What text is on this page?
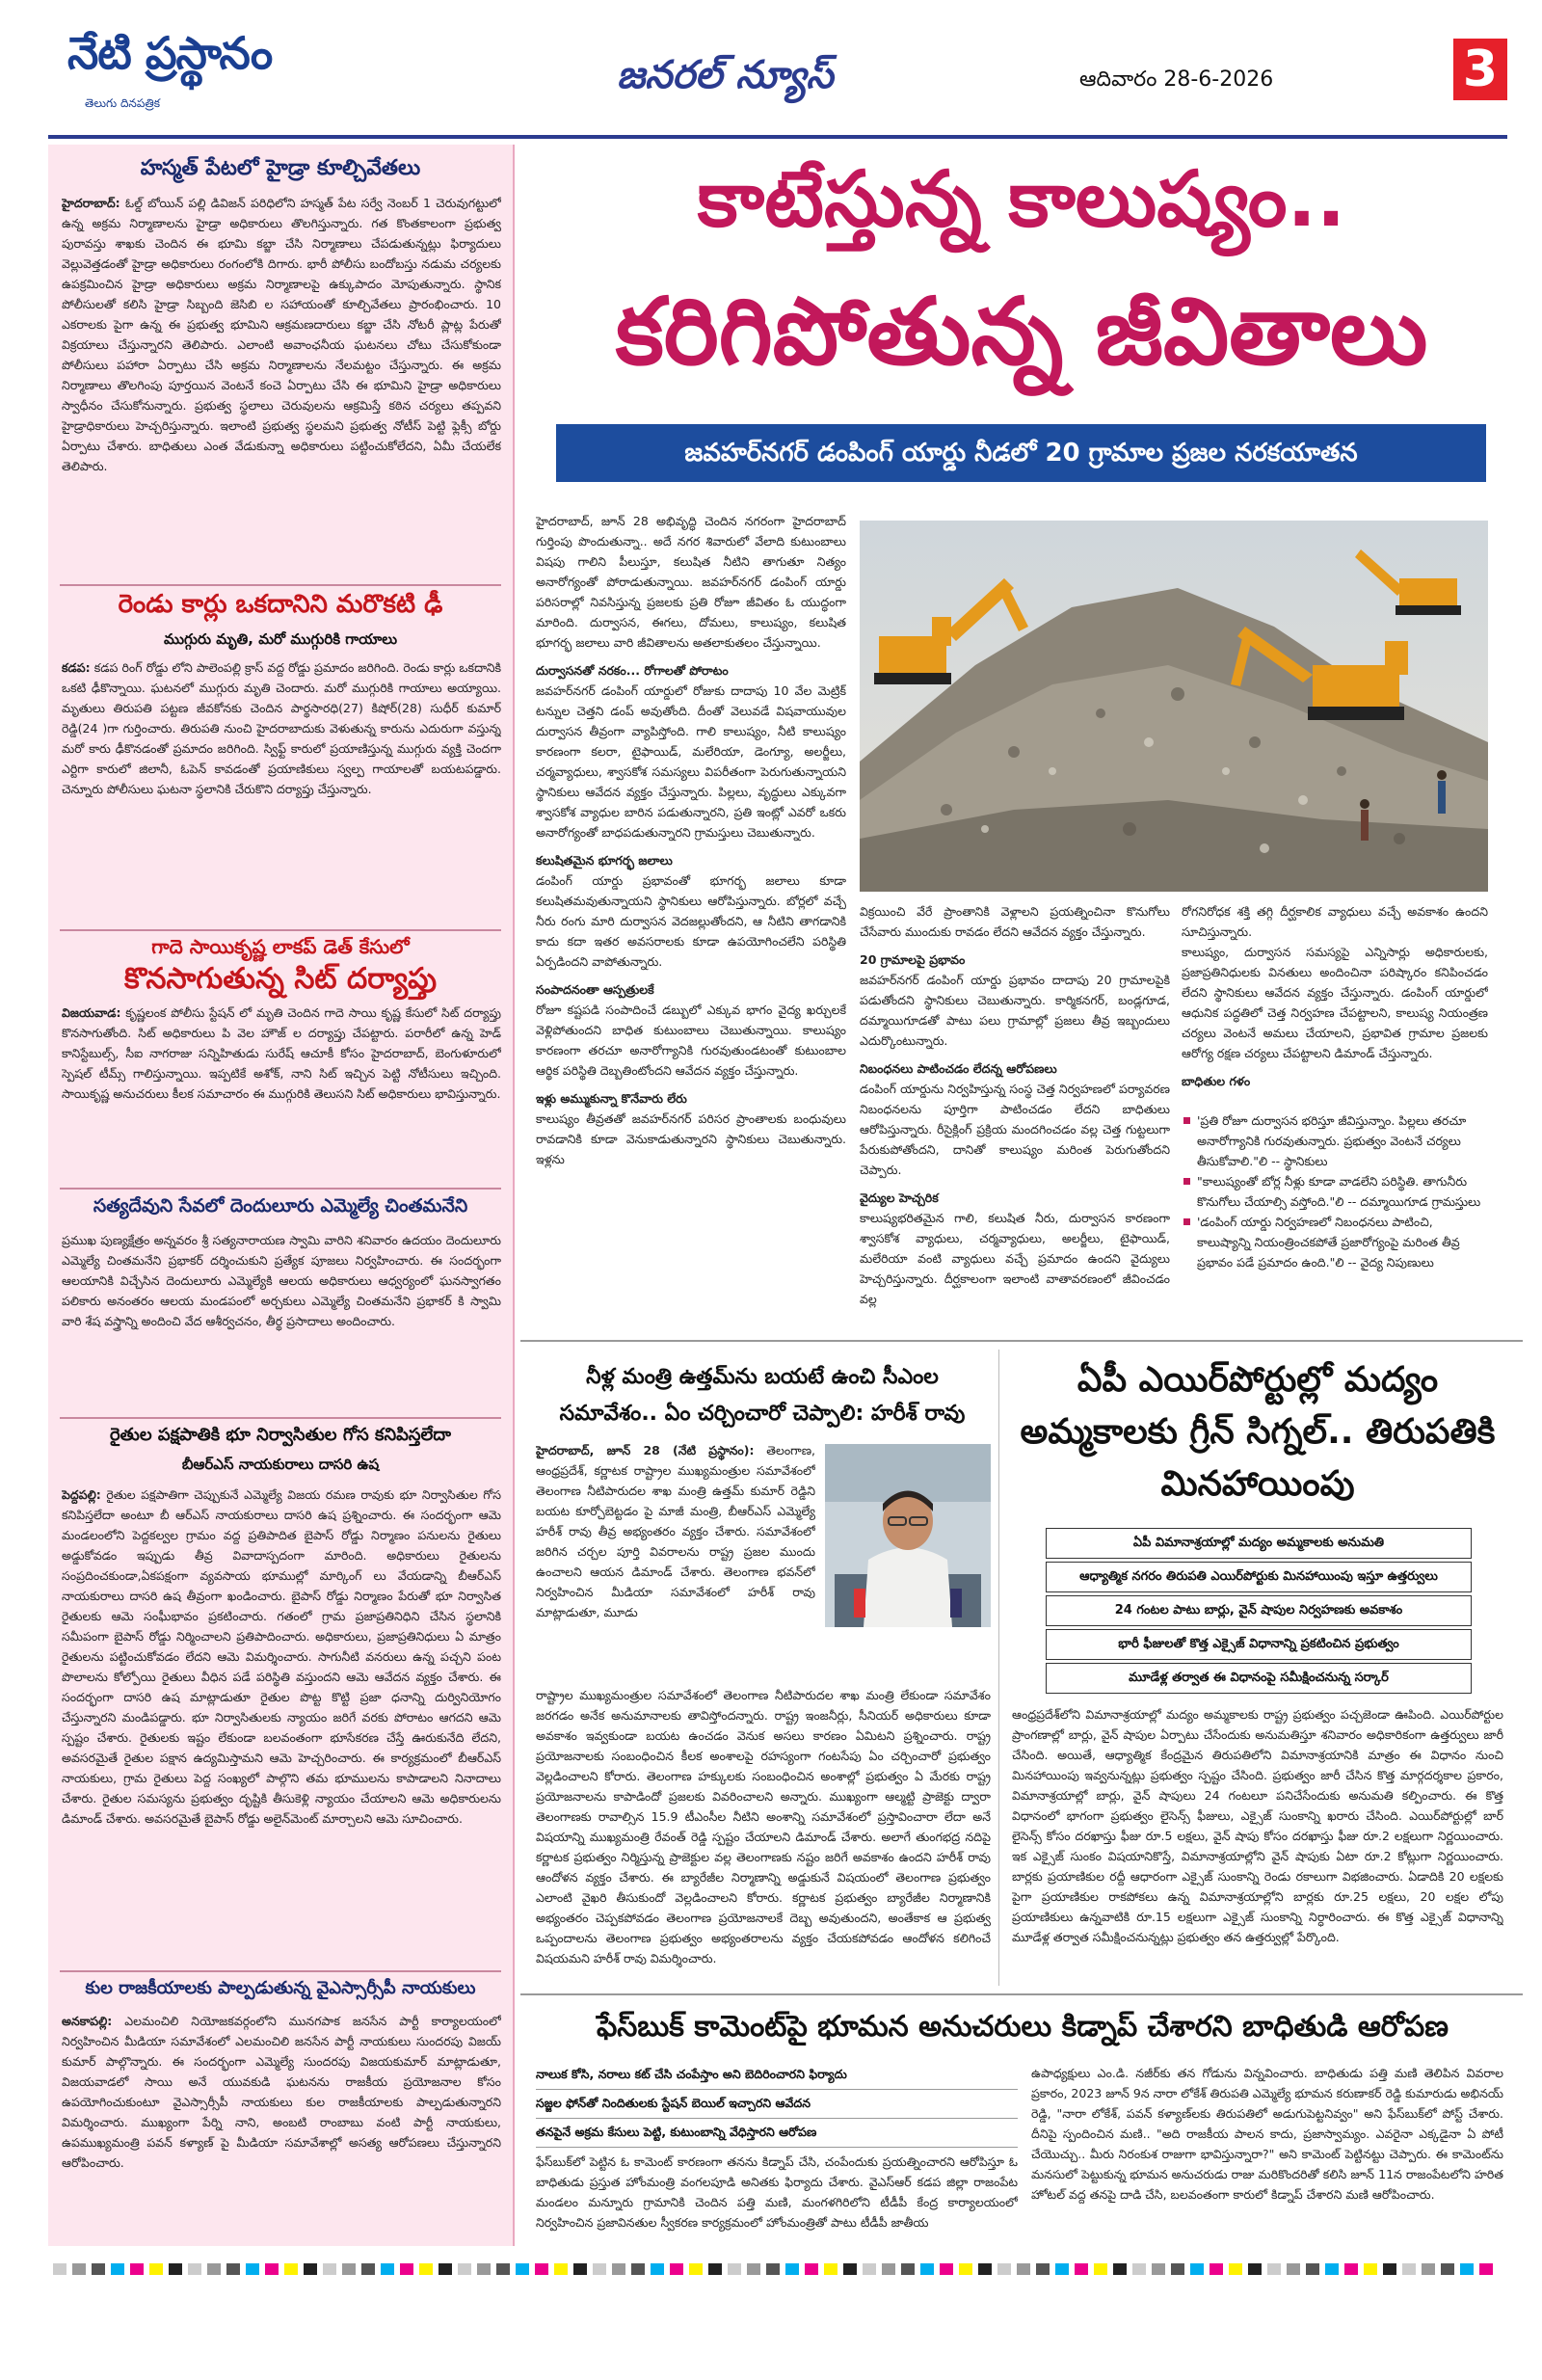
నేటి ప్రస్థానం
తెలుగు దినపత్రిక
జనరల్ న్యూస్	ఆదివారం 28-6-2026	3
హస్మత్ పేటలో హైడ్రా కూల్చివేతలు
హైదరాబాద్: ఓల్డ్ బోయిన్ పల్లి డివిజన్ పరిధిలోని హస్మత్ పేట సర్వే నెంబర్ 1 చెరువుగట్టులో ఉన్న అక్రమ నిర్మాణాలను హైడ్రా అధికారులు తొలగిస్తున్నారు. గత కొంతకాలంగా ప్రభుత్వ పురావస్తు శాఖకు చెందిన ఈ భూమి కబ్జా చేసి నిర్మాణాలు చేపడుతున్నట్లు ఫిర్యాదులు వెల్లువెత్తడంతో హైడ్రా అధికారులు రంగంలోకి దిగారు. భారీ పోలీసు బందోబస్తు నడుమ చర్యలకు ఉపక్రమించిన హైడ్రా అధికారులు అక్రమ నిర్మాణాలపై ఉక్కుపాదం మోపుతున్నారు. స్థానిక పోలీసులతో కలిసి హైడ్రా సిబ్బంది జెసిబి ల సహాయంతో కూల్చివేతలు ప్రారంభించారు. 10 ఎకరాలకు పైగా ఉన్న ఈ ప్రభుత్వ భూమిని ఆక్రమణదారులు కబ్జా చేసి నోటరీ ప్లాట్ల పేరుతో విక్రయాలు చేస్తున్నారని తెలిపారు. ఎలాంటి అవాంఛనీయ ఘటనలు చోటు చేసుకోకుండా పోలీసులు పహారా ఏర్పాటు చేసి అక్రమ నిర్మాణాలను నేలమట్టం చేస్తున్నారు. ఈ అక్రమ నిర్మాణాలు తొలగింపు పూర్తయిన వెంటనే కంచె ఏర్పాటు చేసి ఈ భూమిని హైడ్రా అధికారులు స్వాధీనం చేసుకోనున్నారు. ప్రభుత్వ స్థలాలు చెరువులను ఆక్రమిస్తే కఠిన చర్యలు తప్పవని హైడ్రాధికారులు హెచ్చరిస్తున్నారు. ఇలాంటి ప్రభుత్వ స్థలమని ప్రభుత్వ నోటీస్ పెట్టి ఫ్లెక్సీ బోర్డు ఏర్పాటు చేశారు. బాధితులు ఎంత వేడుకున్నా అధికారులు పట్టించుకోలేదని, ఏమీ చేయలేక తెలిపారు.
రెండు కార్లు ఒకదానిని మరొకటి ఢీ
ముగ్గురు మృతి, మరో ముగ్గురికి గాయాలు
కడప: కడప రింగ్ రోడ్డు లోని పాలెంపల్లి క్రాస్ వద్ద రోడ్డు ప్రమాదం జరిగింది. రెండు కార్లు ఒకదానికి ఒకటి ఢీకొన్నాయి. ఘటనలో ముగ్గురు మృతి చెందారు. మరో ముగ్గురికి గాయాలు అయ్యాయి. మృతులు తిరుపతి పట్టణ జీవకోనకు చెందిన పార్థసారధి(27) కిషోర్(28) సుధీర్ కుమార్ రెడ్డి(24 )గా గుర్తించారు. తిరుపతి నుంచి హైదరాబాదుకు వెళుతున్న కారును ఎదురుగా వస్తున్న మరో కారు ఢీకొనడంతో ప్రమాదం జరిగింది. స్విఫ్ట్ కారులో ప్రయాణిస్తున్న ముగ్గురు వ్యక్తి చెందగా ఎర్టిగా కారులో జిలానీ, ఓపెన్ కావడంతో ప్రయాణికులు స్వల్ప గాయాలతో బయటపడ్డారు. చెన్నూరు పోలీసులు ఘటనా స్థలానికి చేరుకొని దర్యాప్తు చేస్తున్నారు.
గాదె సాయికృష్ణ లాకప్ డెత్ కేసులో
కొనసాగుతున్న సిట్ దర్యాప్తు
విజయవాడ: కృష్ణలంక పోలీసు స్టేషన్ లో మృతి చెందిన గాదె సాయి కృష్ణ కేసులో సిట్ దర్యాప్తు కొనసాగుతోంది. సిట్ అధికారులు పి వెల హౌజ్ ల దర్యాప్తు చేపట్టారు. పరారీలో ఉన్న హెడ్ కానిస్టేబుల్స్, సీఐ నాగరాజు సన్నిహితుడు సురేష్ ఆచూకీ కోసం హైదరాబాద్, బెంగుళూరులో స్పెషల్ టీమ్స్ గాలిస్తున్నాయి. ఇప్పటికే అశోక్, నాని సిట్ ఇచ్చిన పెట్టి నోటీసులు ఇచ్చింది. సాయికృష్ణ అనుచరులు కీలక సమాచారం ఈ ముగ్గురికి తెలుసని సిట్ అధికారులు భావిస్తున్నారు.
సత్యదేవుని సేవలో దెందులూరు ఎమ్మెల్యే చింతమనేని
ప్రముఖ పుణ్యక్షేత్రం అన్నవరం శ్రీ సత్యనారాయణ స్వామి వారిని శనివారం ఉదయం దెందులూరు ఎమ్మెల్యే చింతమనేని ప్రభాకర్ దర్శించుకుని ప్రత్యేక పూజలు నిర్వహించారు. ఈ సందర్భంగా ఆలయానికి విచ్చేసిన దెందులూరు ఎమ్మెల్యేకి ఆలయ అధికారులు ఆధ్వర్యంలో ఘనస్వాగతం పలికారు అనంతరం ఆలయ మండపంలో అర్చకులు ఎమ్మెల్యే చింతమనేని ప్రభాకర్ కి స్వామి వారి శేష వస్త్రాన్ని అందించి వేద ఆశీర్వచనం, తీర్థ ప్రసాదాలు అందించారు.
రైతుల పక్షపాతికి భూ నిర్వాసితుల గోస కనిపిస్తలేదా
బీఆర్ఎస్ నాయకురాలు దాసరి ఉష
పెద్దపల్లి: రైతుల పక్షపాతిగా చెప్పుకునే ఎమ్మెల్యే విజయ రమణ రావుకు భూ నిర్వాసితుల గోస కనిపిస్తలేదా అంటూ బీ ఆర్ఎస్ నాయకురాలు దాసరి ఉష ప్రశ్నించారు. ఈ సందర్భంగా ఆమె మండలంలోని పెద్దకల్వల గ్రామం వద్ద ప్రతిపాదిత బైపాస్ రోడ్డు నిర్మాణం పనులను రైతులు అడ్డుకోవడం ఇప్పుడు తీవ్ర వివాదాస్పదంగా మారింది. అధికారులు రైతులను సంప్రదించకుండా,ఏకపక్షంగా వ్యవసాయ భూముల్లో మార్కింగ్ లు వేయడాన్ని బీఆర్ఎస్ నాయకురాలు దాసరి ఉష తీవ్రంగా ఖండించారు. బైపాస్ రోడ్డు నిర్మాణం పేరుతో భూ నిర్వాసిత రైతులకు ఆమె సంఘీభావం ప్రకటించారు. గతంలో గ్రామ ప్రజాప్రతినిధిని చేసిన స్థలానికి సమీపంగా బైపాస్ రోడ్డు నిర్మించాలని ప్రతిపాదించారు. అధికారులు, ప్రజాప్రతినిధులు ఏ మాత్రం రైతులను పట్టించుకోవడం లేదని ఆమె విమర్శించారు. సాగునీటి వనరులు ఉన్న పచ్చని పంట పొలాలను కోల్పోయి రైతులు వీధిన పడే పరిస్థితి వస్తుందని ఆమె ఆవేదన వ్యక్తం చేశారు. ఈ సందర్భంగా దాసరి ఉష మాట్లాడుతూ రైతుల పొట్ట కొట్టి ప్రజా ధనాన్ని దుర్వినియోగం చేస్తున్నారని మండిపడ్డారు. భూ నిర్వాసితులకు న్యాయం జరిగే వరకు పోరాటం ఆగదని ఆమె స్పష్టం చేశారు. రైతులకు ఇష్టం లేకుండా బలవంతంగా భూసేకరణ చేస్తే ఊరుకునేది లేదని, అవసరమైతే రైతుల పక్షాన ఉద్యమిస్తామని ఆమె హెచ్చరించారు. ఈ కార్యక్రమంలో బీఆర్ఎస్ నాయకులు, గ్రామ రైతులు పెద్ద సంఖ్యలో పాల్గొని తమ భూములను కాపాడాలని నినాదాలు చేశారు. రైతుల సమస్యను ప్రభుత్వం దృష్టికి తీసుకెళ్లి న్యాయం చేయాలని ఆమె అధికారులను డిమాండ్ చేశారు. అవసరమైతే బైపాస్ రోడ్డు అలైన్‌మెంట్ మార్చాలని ఆమె సూచించారు.
కుల రాజకీయాలకు పాల్పడుతున్న వైఎస్సార్సీపీ నాయకులు
అనకాపల్లి: ఎలమంచిలి నియోజకవర్గంలోని మునగపాక జనసేన పార్టీ కార్యాలయంలో నిర్వహించిన మీడియా సమావేశంలో ఎలమంచిలి జనసేన పార్టీ నాయకులు సుందరపు విజయ్ కుమార్ పాల్గొన్నారు. ఈ సందర్భంగా ఎమ్మెల్యే సుందరపు విజయకుమార్ మాట్లాడుతూ, విజయవాడలో సాయి అనే యువకుడి ఘటనను రాజకీయ ప్రయోజనాల కోసం ఉపయోగించుకుంటూ వైఎస్సార్సీపీ నాయకులు కుల రాజకీయాలకు పాల్పడుతున్నారని విమర్శించారు. ముఖ్యంగా పేర్ని నాని, అంబటి రాంబాబు వంటి పార్టీ నాయకులు, ఉపముఖ్యమంత్రి పవన్ కళ్యాణ్ పై మీడియా సమావేశాల్లో అసత్య ఆరోపణలు చేస్తున్నారని ఆరోపించారు.
కాటేస్తున్న కాలుష్యం..
కరిగిపోతున్న జీవితాలు
జవహర్‌నగర్ డంపింగ్ యార్డు నీడలో 20 గ్రామాల ప్రజల నరకయాతన
హైదరాబాద్, జూన్ 28 అభివృద్ధి చెందిన నగరంగా హైదరాబాద్ గుర్తింపు పొందుతున్నా.. అదే నగర శివారులో వేలాది కుటుంబాలు విషపు గాలిని పీలుస్తూ, కలుషిత నీటిని తాగుతూ నిత్యం అనారోగ్యంతో పోరాడుతున్నాయి. జవహర్‌నగర్ డంపింగ్ యార్డు పరిసరాల్లో నివసిస్తున్న ప్రజలకు ప్రతి రోజూ జీవితం ఓ యుద్ధంగా మారింది. దుర్వాసన, ఈగలు, దోమలు, కాలుష్యం, కలుషిత భూగర్భ జలాలు వారి జీవితాలను అతలాకుతలం చేస్తున్నాయి.
దుర్వాసనతో నరకం... రోగాలతో పోరాటం
జవహర్‌నగర్ డంపింగ్ యార్డులో రోజుకు దాదాపు 10 వేల మెట్రిక్ టన్నుల చెత్తని డంప్ అవుతోంది. దీంతో వెలువడే విషవాయువుల దుర్వాసన తీవ్రంగా వ్యాపిస్తోంది. గాలి కాలుష్యం, నీటి కాలుష్యం కారణంగా కలరా, టైఫాయిడ్, మలేరియా, డెంగ్యూ, అలర్జీలు, చర్మవ్యాధులు, శ్వాసకోశ సమస్యలు విపరీతంగా పెరుగుతున్నాయని స్థానికులు ఆవేదన వ్యక్తం చేస్తున్నారు. పిల్లలు, వృద్ధులు ఎక్కువగా శ్వాసకోశ వ్యాధుల బారిన పడుతున్నారని, ప్రతి ఇంట్లో ఎవరో ఒకరు అనారోగ్యంతో బాధపడుతున్నారని గ్రామస్తులు చెబుతున్నారు.
కలుషితమైన భూగర్భ జలాలు
డంపింగ్ యార్డు ప్రభావంతో భూగర్భ జలాలు కూడా కలుషితమవుతున్నాయని స్థానికులు ఆరోపిస్తున్నారు. బోర్లలో వచ్చే నీరు రంగు మారి దుర్వాసన వెదజల్లుతోందని, ఆ నీటిని తాగడానికి కాదు కదా ఇతర అవసరాలకు కూడా ఉపయోగించలేని పరిస్థితి ఏర్పడిందని వాపోతున్నారు.
సంపాదనంతా ఆస్పత్రులకే
రోజూ కష్టపడి సంపాదించే డబ్బులో ఎక్కువ భాగం వైద్య ఖర్చులకే వెళ్లిపోతుందని బాధిత కుటుంబాలు చెబుతున్నాయి. కాలుష్యం కారణంగా తరచూ అనారోగ్యానికి గురవుతుండటంతో కుటుంబాల ఆర్థిక పరిస్థితి దెబ్బతింటోందని ఆవేదన వ్యక్తం చేస్తున్నారు.
ఇళ్లు అమ్ముకున్నా కొనేవారు లేరు
కాలుష్యం తీవ్రతతో జవహర్‌నగర్ పరిసర ప్రాంతాలకు బంధువులు రావడానికి కూడా వెనుకాడుతున్నారని స్థానికులు చెబుతున్నారు. ఇళ్లను
విక్రయించి వేరే ప్రాంతానికి వెళ్లాలని ప్రయత్నించినా కొనుగోలు చేసేవారు ముందుకు రావడం లేదని ఆవేదన వ్యక్తం చేస్తున్నారు.
20 గ్రామాలపై ప్రభావం
జవహర్‌నగర్ డంపింగ్ యార్డు ప్రభావం దాదాపు 20 గ్రామాలపైకి పడుతోందని స్థానికులు చెబుతున్నారు. కార్మికనగర్, బండ్లగూడ, దమ్మాయిగూడతో పాటు పలు గ్రామాల్లో ప్రజలు తీవ్ర ఇబ్బందులు ఎదుర్కొంటున్నారు.
నిబంధనలు పాటించడం లేదన్న ఆరోపణలు
డంపింగ్ యార్డును నిర్వహిస్తున్న సంస్థ చెత్త నిర్వహణలో పర్యావరణ నిబంధనలను పూర్తిగా పాటించడం లేదని బాధితులు ఆరోపిస్తున్నారు. రీసైక్లింగ్ ప్రక్రియ మందగించడం వల్ల చెత్త గుట్టలుగా పేరుకుపోతోందని, దానితో కాలుష్యం మరింత పెరుగుతోందని చెప్పారు.
వైద్యుల హెచ్చరిక
కాలుష్యభరితమైన గాలి, కలుషిత నీరు, దుర్వాసన కారణంగా శ్వాసకోశ వ్యాధులు, చర్మవ్యాధులు, అలర్జీలు, టైఫాయిడ్, మలేరియా వంటి వ్యాధులు వచ్చే ప్రమాదం ఉందని వైద్యులు హెచ్చరిస్తున్నారు. దీర్ఘకాలంగా ఇలాంటి వాతావరణంలో జీవించడం వల్ల
రోగనిరోధక శక్తి తగ్గి దీర్ఘకాలిక వ్యాధులు వచ్చే అవకాశం ఉందని సూచిస్తున్నారు.
కాలుష్యం, దుర్వాసన సమస్యపై ఎన్నిసార్లు అధికారులకు, ప్రజాప్రతినిధులకు వినతులు అందించినా పరిష్కారం కనిపించడం లేదని స్థానికులు ఆవేదన వ్యక్తం చేస్తున్నారు. డంపింగ్ యార్డులో ఆధునిక పద్ధతిలో చెత్త నిర్వహణ చేపట్టాలని, కాలుష్య నియంత్రణ చర్యలు వెంటనే అమలు చేయాలని, ప్రభావిత గ్రామాల ప్రజలకు ఆరోగ్య రక్షణ చర్యలు చేపట్టాలని డిమాండ్ చేస్తున్నారు.
బాధితుల గళం
'ప్రతి రోజూ దుర్వాసన భరిస్తూ జీవిస్తున్నాం. పిల్లలు తరచూ అనారోగ్యానికి గురవుతున్నారు. ప్రభుత్వం వెంటనే చర్యలు తీసుకోవాలి."లి -- స్థానికులు
"కాలుష్యంతో బోర్ల నీళ్లు కూడా వాడలేని పరిస్థితి. తాగునీరు కొనుగోలు చేయాల్సి వస్తోంది."లి -- దమ్మాయిగూడ గ్రామస్తులు
'డంపింగ్ యార్డు నిర్వహణలో నిబంధనలు పాటించి, కాలుష్యాన్ని నియంత్రించకపోతే ప్రజారోగ్యంపై మరింత తీవ్ర ప్రభావం పడే ప్రమాదం ఉంది."లి -- వైద్య నిపుణులు
నీళ్ల మంత్రి ఉత్తమ్‌ను బయటే ఉంచి సీఎంల సమావేశం.. ఏం చర్చించారో చెప్పాలి: హరీశ్ రావు
హైదరాబాద్, జూన్ 28 (నేటి ప్రస్థానం): తెలంగాణ, ఆంధ్రప్రదేశ్, కర్ణాటక రాష్ట్రాల ముఖ్యమంత్రుల సమావేశంలో తెలంగాణ నీటిపారుదల శాఖ మంత్రి ఉత్తమ్ కుమార్ రెడ్డిని బయట కూర్చోబెట్టడం పై మాజీ మంత్రి, బీఆర్ఎస్ ఎమ్మెల్యే హరీశ్ రావు తీవ్ర అభ్యంతరం వ్యక్తం చేశారు. సమావేశంలో జరిగిన చర్చల పూర్తి వివరాలను రాష్ట్ర ప్రజల ముందు ఉంచాలని ఆయన డిమాండ్ చేశారు. తెలంగాణ భవన్‌లో నిర్వహించిన మీడియా సమావేశంలో హరీశ్ రావు మాట్లాడుతూ, మూడు
రాష్ట్రాల ముఖ్యమంత్రుల సమావేశంలో తెలంగాణ నీటిపారుదల శాఖ మంత్రి లేకుండా సమావేశం జరగడం అనేక అనుమానాలకు తావిస్తోందన్నారు. రాష్ట్ర ఇంజనీర్లు, సీనియర్ అధికారులు కూడా అవకాశం ఇవ్వకుండా బయట ఉంచడం వెనుక అసలు కారణం ఏమిటని ప్రశ్నించారు. రాష్ట్ర ప్రయోజనాలకు సంబంధించిన కీలక అంశాలపై రహస్యంగా గంటసేపు ఏం చర్చించారో ప్రభుత్వం వెల్లడించాలని కోరారు. తెలంగాణ హక్కులకు సంబంధించిన అంశాల్లో ప్రభుత్వం ఏ మేరకు రాష్ట్ర ప్రయోజనాలను కాపాడిందో ప్రజలకు వివరించాలని అన్నారు. ముఖ్యంగా ఆల్మట్టి ప్రాజెక్టు ద్వారా తెలంగాణకు రావాల్సిన 15.9 టీఎంసీల నీటిని అంశాన్ని సమావేశంలో ప్రస్తావించారా లేదా అనే విషయాన్ని ముఖ్యమంత్రి రేవంత్ రెడ్డి స్పష్టం చేయాలని డిమాండ్ చేశారు. అలాగే తుంగభద్ర నదిపై కర్ణాటక ప్రభుత్వం నిర్మిస్తున్న ప్రాజెక్టుల వల్ల తెలంగాణకు నష్టం జరిగే అవకాశం ఉందని హరీశ్ రావు ఆందోళన వ్యక్తం చేశారు. ఈ బ్యారేజీల నిర్మాణాన్ని అడ్డుకునే విషయంలో తెలంగాణ ప్రభుత్వం ఎలాంటి వైఖరి తీసుకుందో వెల్లడించాలని కోరారు. కర్ణాటక ప్రభుత్వం బ్యారేజీల నిర్మాణానికి అభ్యంతరం చెప్పకపోవడం తెలంగాణ ప్రయోజనాలకే దెబ్బ అవుతుందని, అంతేకాక ఆ ప్రభుత్వ ఒప్పందాలను తెలంగాణ ప్రభుత్వం అభ్యంతరాలను వ్యక్తం చేయకపోవడం ఆందోళన కలిగించే విషయమని హరీశ్ రావు విమర్శించారు.
ఏపీ ఎయిర్‌పోర్టుల్లో మద్యం అమ్మకాలకు గ్రీన్ సిగ్నల్.. తిరుపతికి మినహాయింపు
ఏపీ విమానాశ్రయాల్లో మద్యం అమ్మకాలకు అనుమతి
ఆధ్యాత్మిక నగరం తిరుపతి ఎయిర్‌పోర్టుకు మినహాయింపు ఇస్తూ ఉత్తర్వులు
24 గంటల పాటు బార్లు, వైన్ షాపుల నిర్వహణకు అవకాశం
భారీ ఫీజులతో కొత్త ఎక్సైజ్ విధానాన్ని ప్రకటించిన ప్రభుత్వం
మూడేళ్ల తర్వాత ఈ విధానంపై సమీక్షించనున్న సర్కార్
ఆంధ్రప్రదేశ్‌లోని విమానాశ్రయాల్లో మద్యం అమ్మకాలకు రాష్ట్ర ప్రభుత్వం పచ్చజెండా ఊపింది. ఎయిర్‌పోర్టుల ప్రాంగణాల్లో బార్లు, వైన్ షాపుల ఏర్పాటు చేసేందుకు అనుమతిస్తూ శనివారం అధికారికంగా ఉత్తర్వులు జారీ చేసింది. అయితే, ఆధ్యాత్మిక కేంద్రమైన తిరుపతిలోని విమానాశ్రయానికి మాత్రం ఈ విధానం నుంచి మినహాయింపు ఇవ్వనున్నట్లు ప్రభుత్వం స్పష్టం చేసింది. ప్రభుత్వం జారీ చేసిన కొత్త మార్గదర్శకాల ప్రకారం, విమానాశ్రయాల్లో బార్లు, వైన్ షాపులు 24 గంటలూ పనిచేసేందుకు అనుమతి కల్పించారు. ఈ కొత్త విధానంలో భాగంగా ప్రభుత్వం లైసెన్స్ ఫీజులు, ఎక్సైజ్ సుంకాన్ని ఖరారు చేసింది. ఎయిర్‌పోర్టుల్లో బార్ లైసెన్స్ కోసం దరఖాస్తు ఫీజు రూ.5 లక్షలు, వైన్ షాపు కోసం దరఖాస్తు ఫీజు రూ.2 లక్షలుగా నిర్ణయించారు. ఇక ఎక్సైజ్ సుంకం విషయానికొస్తే, విమానాశ్రయాల్లోని వైన్ షాపుకు ఏటా రూ.2 కోట్లుగా నిర్ణయించారు. బార్లకు ప్రయాణికుల రద్దీ ఆధారంగా ఎక్సైజ్ సుంకాన్ని రెండు రకాలుగా విభజించారు. ఏడాదికి 20 లక్షలకు పైగా ప్రయాణికుల రాకపోకలు ఉన్న విమానాశ్రయాల్లోని బార్లకు రూ.25 లక్షలు, 20 లక్షల లోపు ప్రయాణికులు ఉన్నవాటికి రూ.15 లక్షలుగా ఎక్సైజ్ సుంకాన్ని నిర్ధారించారు. ఈ కొత్త ఎక్సైజ్ విధానాన్ని మూడేళ్ల తర్వాత సమీక్షించనున్నట్లు ప్రభుత్వం తన ఉత్తర్వుల్లో పేర్కొంది.
ఫేస్‌బుక్ కామెంట్‌పై భూమన అనుచరులు కిడ్నాప్ చేశారని బాధితుడి ఆరోపణ
నాలుక కోసి, నరాలు కట్ చేసి చంపేస్తాం అని బెదిరించారని ఫిర్యాదు
సజ్జల ఫోన్‌తో నిందితులకు స్టేషన్ బెయిల్ ఇచ్చారని ఆవేదన
తనపైనే అక్రమ కేసులు పెట్టి, కుటుంబాన్ని వేధిస్తారని ఆరోపణ
ఫేస్‌బుక్‌లో పెట్టిన ఓ కామెంట్ కారణంగా తనను కిడ్నాప్ చేసి, చంపేందుకు ప్రయత్నించారని ఆరోపిస్తూ ఓ బాధితుడు ప్రస్తుత హోంమంత్రి వంగలపూడి అనితకు ఫిర్యాదు చేశారు. వైఎస్ఆర్ కడప జిల్లా రాజంపేట మండలం మన్నూరు గ్రామానికి చెందిన పత్తి మణి, మంగళగిరిలోని టీడీపీ కేంద్ర కార్యాలయంలో నిర్వహించిన ప్రజావినతుల స్వీకరణ కార్యక్రమంలో హోంమంత్రితో పాటు టీడీపీ జాతీయ
ఉపాధ్యక్షులు ఎం.డి. నజీర్‌కు తన గోడును విన్నవించారు. బాధితుడు పత్తి మణి తెలిపిన వివరాల ప్రకారం, 2023 జూన్ 9న నారా లోకేశ్ తిరుపతి ఎమ్మెల్యే భూమన కరుణాకర్ రెడ్డి కుమారుడు అభినయ్ రెడ్డి, "నారా లోకేశ్, పవన్ కళ్యాణ్‌లకు తిరుపతిలో అడుగుపెట్టనివ్వం" అని ఫేస్‌బుక్‌లో పోస్ట్ చేశారు. దీనిపై స్పందించిన మణి.. "అది రాజకీయ పాలన కాదు, ప్రజాస్వామ్యం. ఎవరైనా ఎక్కడైనా ఏ పోటీ చేయొచ్చు.. మీరు నిరంకుశ రాజుగా భావిస్తున్నారా?" అని కామెంట్ పెట్టినట్టు చెప్పారు. ఈ కామెంట్‌ను మనసులో పెట్టుకున్న భూమన అనుచరుడు రాజు మరికొందరితో కలిసి జూన్ 11న రాజంపేటలోని హరిత హోటల్ వద్ద తనపై దాడి చేసి, బలవంతంగా కారులో కిడ్నాప్ చేశారని మణి ఆరోపించారు.
